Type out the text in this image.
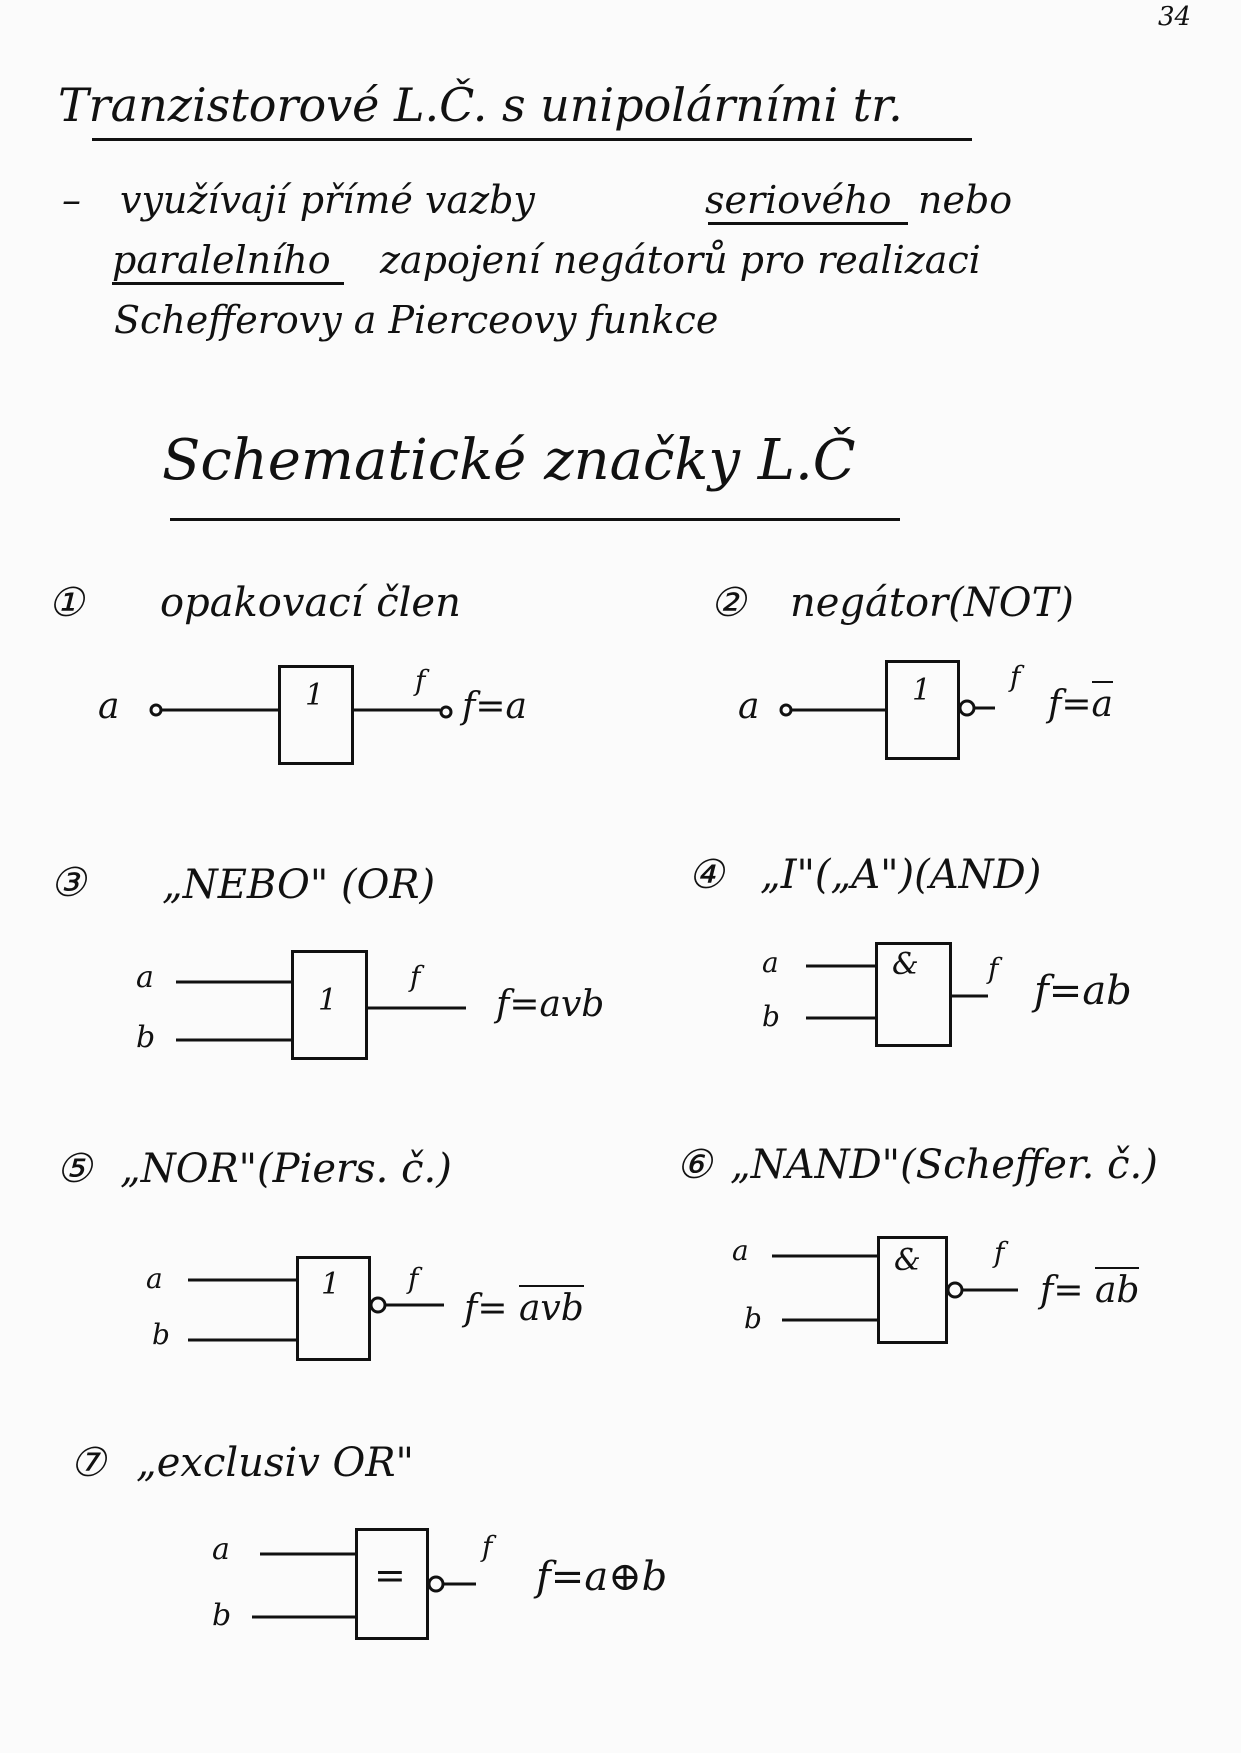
34
Tranzistorové L.Č. s unipolárními tr.
– využívají přímé vazby	seriového nebo
paralelního zapojení negátorů pro realizaci
Schefferovy a Pierceovy funkce
Schematické značky L.Č
① opakovací člen
a	1	f
f=a
② negátor(NOT)
a	1	f
f=a
③ „NEBO" (OR)
a
b
1
f
f=avb
④ „I"(„A")(AND)
a
b
& f f=ab
⑤ „NOR"(Piers. č.)
a
b
1 f
f= avb
⑥ „NAND"(Scheffer. č.)
a
b
&	f
f= ab
⑦ „exclusiv OR"
a
b
=
f
f=a⊕b
